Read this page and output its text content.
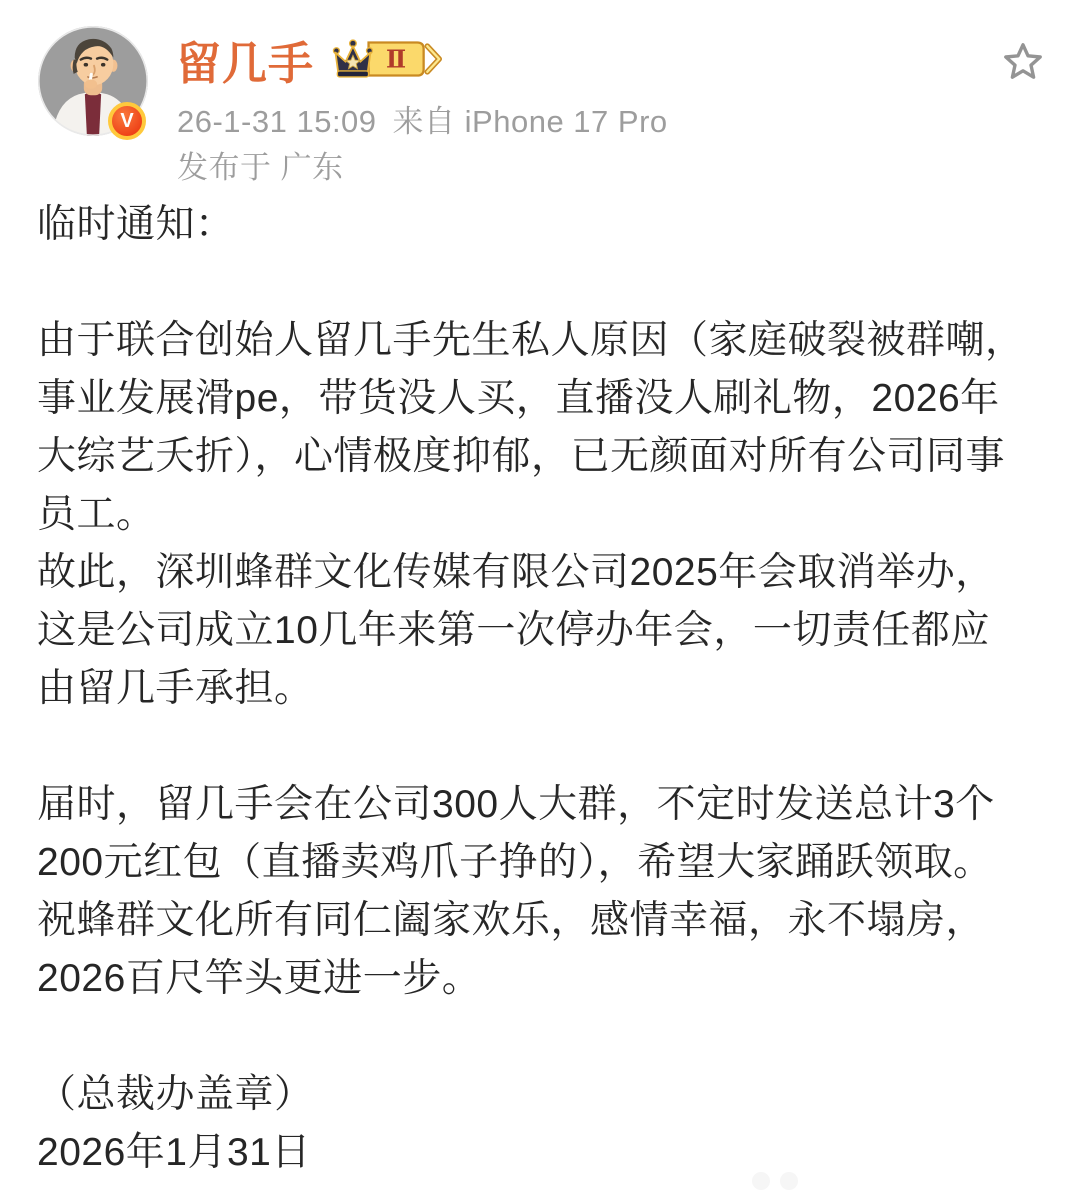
V
留几手	Ⅱ
26-1-31 15:09 来自 iPhone 17 Pro
发布于 广东
临时通知：
由于联合创始人留几手先生私人原因（家庭破裂被群嘲，
事业发展滑pe，带货没人买，直播没人刷礼物，2026年
大综艺夭折），心情极度抑郁，已无颜面对所有公司同事
员工。
故此，深圳蜂群文化传媒有限公司2025年会取消举办，
这是公司成立10几年来第一次停办年会，一切责任都应
由留几手承担。
届时，留几手会在公司300人大群，不定时发送总计3个
200元红包（直播卖鸡爪子挣的），希望大家踊跃领取。
祝蜂群文化所有同仁阖家欢乐，感情幸福，永不塌房，
2026百尺竿头更进一步。
（总裁办盖章）
2026年1月31日
